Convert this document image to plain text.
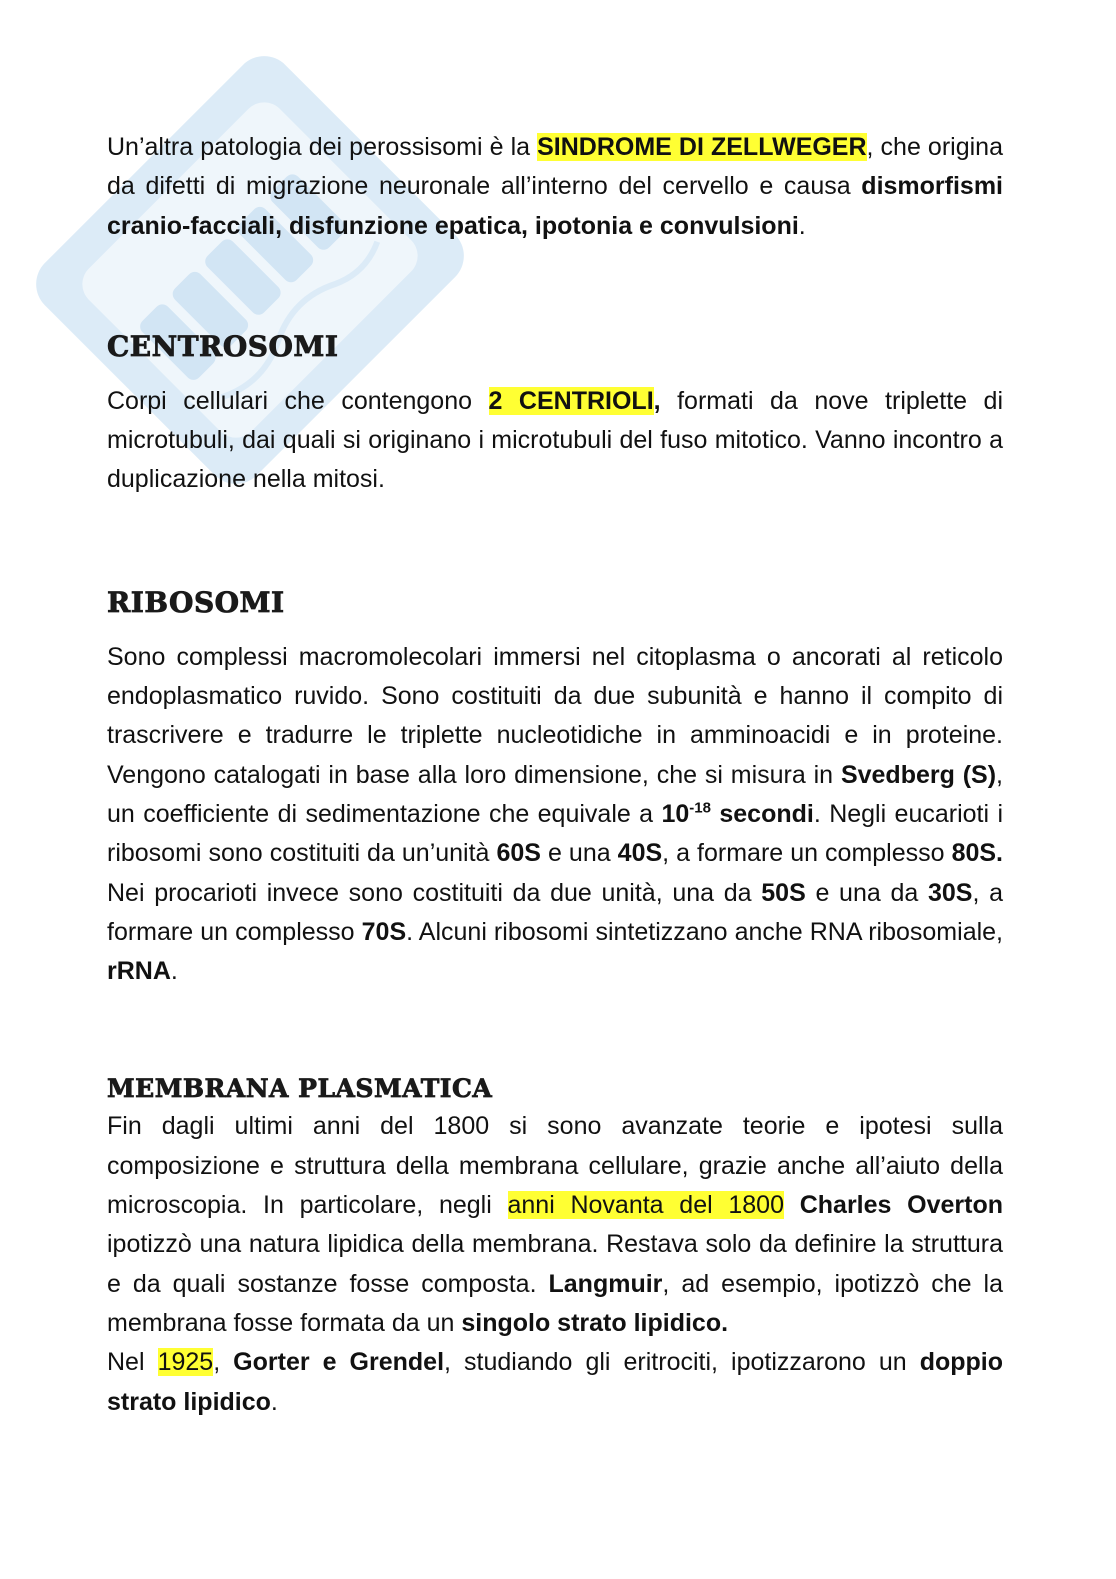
Un’altra patologia dei perossisomi è la SINDROME DI ZELLWEGER, che origina da difetti di migrazione neuronale all’interno del cervello e causa dismorfismi cranio-facciali, disfunzione epatica, ipotonia e convulsioni.

CENTROSOMI

Corpi cellulari che contengono 2 CENTRIOLI, formati da nove triplette di microtubuli, dai quali si originano i microtubuli del fuso mitotico. Vanno incontro a duplicazione nella mitosi.

RIBOSOMI

Sono complessi macromolecolari immersi nel citoplasma o ancorati al reticolo endoplasmatico ruvido. Sono costituiti da due subunità e hanno il compito di trascrivere e tradurre le triplette nucleotidiche in amminoacidi e in proteine. Vengono catalogati in base alla loro dimensione, che si misura in Svedberg (S), un coefficiente di sedimentazione che equivale a $10^{-18}$ secondi. Negli eucarioti i ribosomi sono costituiti da un’unità 60S e una 40S, a formare un complesso 80S. Nei procarioti invece sono costituiti da due unità, una da 50S e una da 30S, a formare un complesso 70S. Alcuni ribosomi sintetizzano anche RNA ribosomiale, rRNA.

MEMBRANA PLASMATICA

Fin dagli ultimi anni del 1800 si sono avanzate teorie e ipotesi sulla composizione e struttura della membrana cellulare, grazie anche all’aiuto della microscopia. In particolare, negli anni Novanta del 1800 Charles Overton ipotizzò una natura lipidica della membrana. Restava solo da definire la struttura e da quali sostanze fosse composta. Langmuir, ad esempio, ipotizzò che la membrana fosse formata da un singolo strato lipidico.

Nel 1925, Gorter e Grendel, studiando gli eritrociti, ipotizzarono un doppio strato lipidico.
